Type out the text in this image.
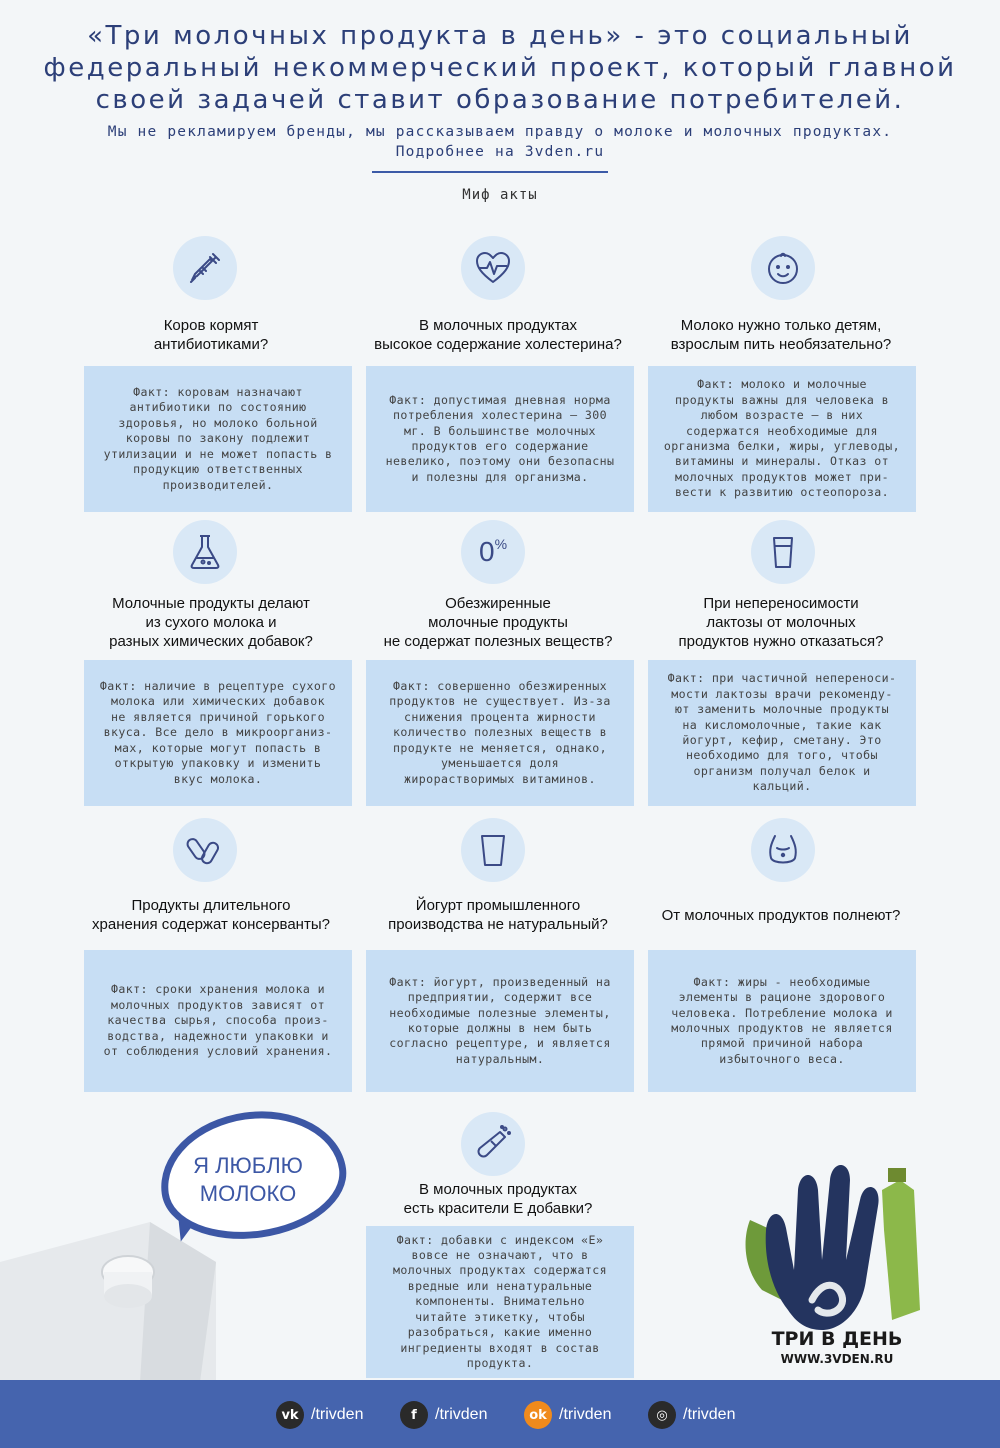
«Три молочных продукта в день» - это социальный
федеральный некоммерческий проект, который главной
своей задачей ставит образование потребителей.
Мы не рекламируем бренды, мы рассказываем правду о молоке и молочных продуктах.
Подробнее на 3vden.ru
Миф акты
Коров кормят
антибиотиками?
Факт: коровам назначают
антибиотики по состоянию
здоровья, но молоко больной
коровы по закону подлежит
утилизации и не может попасть в
продукцию ответственных
производителей.
В молочных продуктах
высокое содержание холестерина?
Факт: допустимая дневная норма
потребления холестерина – 300
мг. В большинстве молочных
продуктов его содержание
невелико, поэтому они безопасны
и полезны для организма.
Молоко нужно только детям,
взрослым пить необязательно?
Факт: молоко и молочные
продукты важны для человека в
любом возрасте – в них
содержатся необходимые для
организма белки, жиры, углеводы,
витамины и минералы. Отказ от
молочных продуктов может при-
вести к развитию остеопороза.
Молочные продукты делают
из сухого молока и
разных химических добавок?
Факт: наличие в рецептуре сухого
молока или химических добавок
не является причиной горького
вкуса. Все дело в микроорганиз-
мах, которые могут попасть в
открытую упаковку и изменить
вкус молока.
0%
Обезжиренные
молочные продукты
не содержат полезных веществ?
Факт: совершенно обезжиренных
продуктов не существует. Из-за
снижения процента жирности
количество полезных веществ в
продукте не меняется, однако,
уменьшается доля
жирорастворимых витаминов.
При непереносимости
лактозы от молочных
продуктов нужно отказаться?
Факт: при частичной непереноси-
мости лактозы врачи рекоменду-
ют заменить молочные продукты
на кисломолочные, такие как
йогурт, кефир, сметану. Это
необходимо для того, чтобы
организм получал белок и
кальций.
Продукты длительного
хранения содержат консерванты?
Факт: сроки хранения молока и
молочных продуктов зависят от
качества сырья, способа произ-
водства, надежности упаковки и
от соблюдения условий хранения.
Йогурт промышленного
производства не натуральный?
Факт: йогурт, произведенный на
предприятии, содержит все
необходимые полезные элементы,
которые должны в нем быть
согласно рецептуре, и является
натуральным.
От молочных продуктов полнеют?
Факт: жиры - необходимые
элементы в рационе здорового
человека. Потребление молока и
молочных продуктов не является
прямой причиной набора
избыточного веса.
В молочных продуктах
есть красители Е добавки?
Факт: добавки с индексом «Е»
вовсе не означают, что в
молочных продуктах содержатся
вредные или ненатуральные
компоненты. Внимательно
читайте этикетку, чтобы
разобраться, какие именно
ингредиенты входят в состав
продукта.
Я ЛЮБЛЮ
МОЛОКО
ТРИ В ДЕНЬ
WWW.3VDEN.RU
vk /trivden	f	/trivden	ok /trivden	◎ /trivden
